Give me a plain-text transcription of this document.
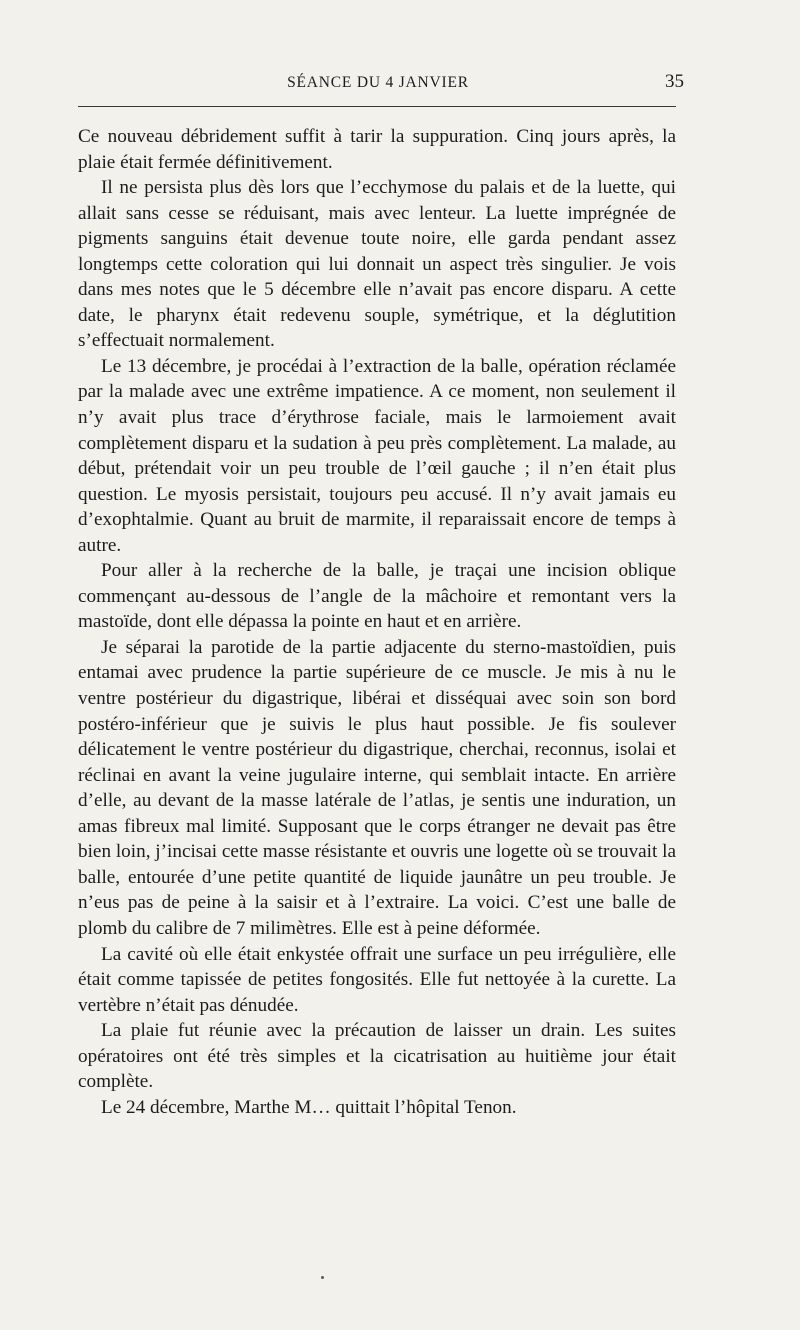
SÉANCE DU 4 JANVIER	35

Ce nouveau débridement suffit à tarir la suppuration. Cinq jours après, la plaie était fermée définitivement.

Il ne persista plus dès lors que l’ecchymose du palais et de la luette, qui allait sans cesse se réduisant, mais avec lenteur. La luette imprégnée de pigments sanguins était devenue toute noire, elle garda pendant assez longtemps cette coloration qui lui donnait un aspect très singulier. Je vois dans mes notes que le 5 décembre elle n’avait pas encore disparu. A cette date, le pharynx était redevenu souple, symétrique, et la déglutition s’effectuait normalement.

Le 13 décembre, je procédai à l’extraction de la balle, opération réclamée par la malade avec une extrême impatience. A ce moment, non seulement il n’y avait plus trace d’érythrose faciale, mais le larmoiement avait complètement disparu et la sudation à peu près complètement. La malade, au début, prétendait voir un peu trouble de l’œil gauche ; il n’en était plus question. Le myosis persistait, toujours peu accusé. Il n’y avait jamais eu d’exophtalmie. Quant au bruit de marmite, il reparaissait encore de temps à autre.

Pour aller à la recherche de la balle, je traçai une incision oblique commençant au-dessous de l’angle de la mâchoire et remontant vers la mastoïde, dont elle dépassa la pointe en haut et en arrière.

Je séparai la parotide de la partie adjacente du sterno-mastoïdien, puis entamai avec prudence la partie supérieure de ce muscle. Je mis à nu le ventre postérieur du digastrique, libérai et disséquai avec soin son bord postéro-inférieur que je suivis le plus haut possible. Je fis soulever délicatement le ventre postérieur du digastrique, cherchai, reconnus, isolai et réclinai en avant la veine jugulaire interne, qui semblait intacte. En arrière d’elle, au devant de la masse latérale de l’atlas, je sentis une induration, un amas fibreux mal limité. Supposant que le corps étranger ne devait pas être bien loin, j’incisai cette masse résistante et ouvris une logette où se trouvait la balle, entourée d’une petite quantité de liquide jaunâtre un peu trouble. Je n’eus pas de peine à la saisir et à l’extraire. La voici. C’est une balle de plomb du calibre de 7 milimètres. Elle est à peine déformée.

La cavité où elle était enkystée offrait une surface un peu irrégulière, elle était comme tapissée de petites fongosités. Elle fut nettoyée à la curette. La vertèbre n’était pas dénudée.

La plaie fut réunie avec la précaution de laisser un drain. Les suites opératoires ont été très simples et la cicatrisation au huitième jour était complète.

Le 24 décembre, Marthe M… quittait l’hôpital Tenon.
